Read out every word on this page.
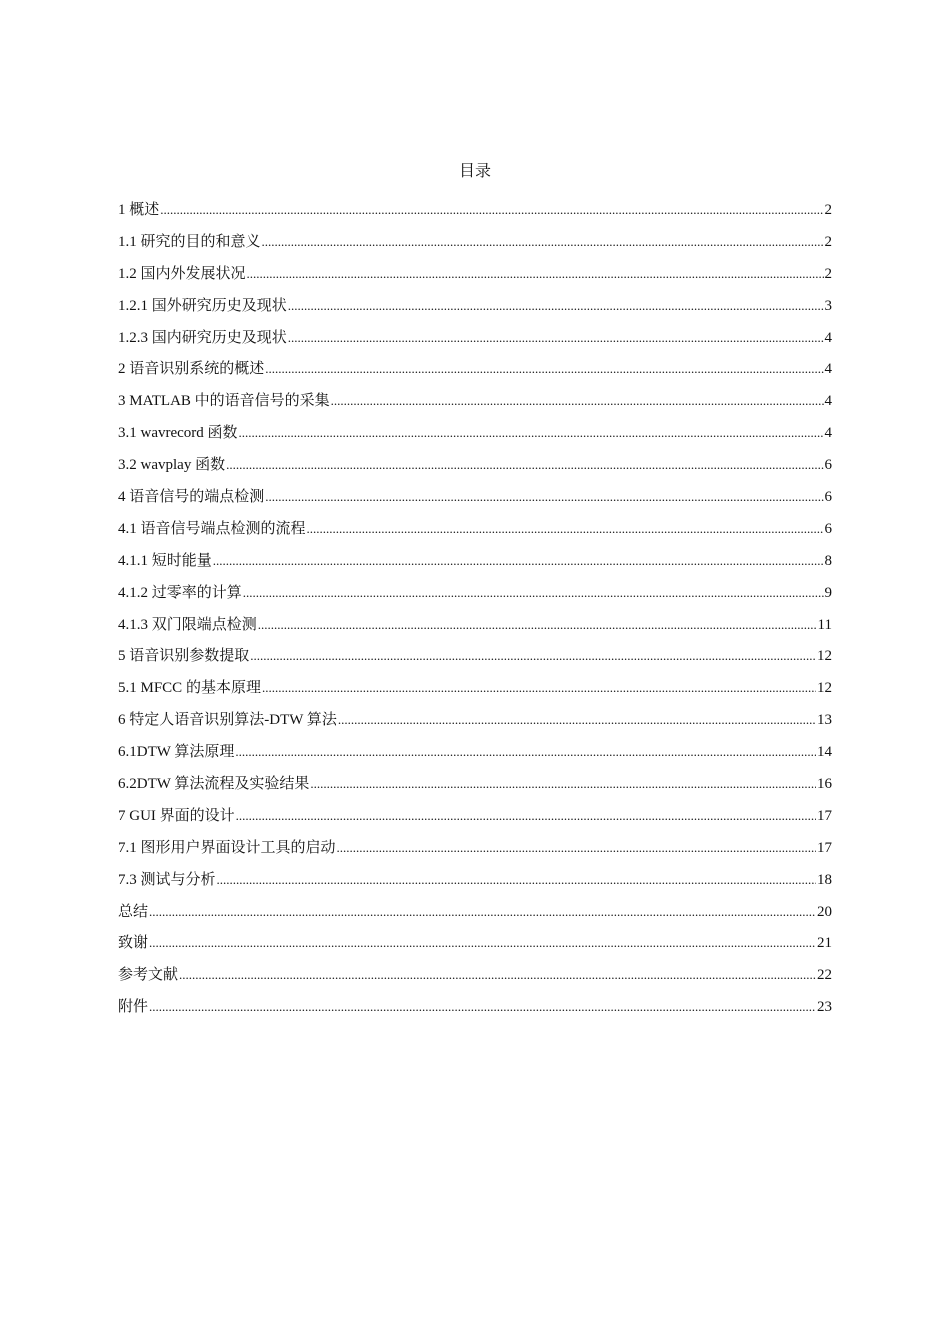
目录
1 概述 .....	2
1.1 研究的目的和意义 .....	2
1.2 国内外发展状况 .....	2
1.2.1 国外研究历史及现状 .....	3
1.2.3 国内研究历史及现状 .....	4
2 语音识别系统的概述 .....	4
3 MATLAB 中的语音信号的采集 .....	4
3.1 wavrecord 函数 .....	4
3.2 wavplay 函数 .....	6
4 语音信号的端点检测 .....	6
4.1 语音信号端点检测的流程 .....	6
4.1.1 短时能量 .....	8
4.1.2 过零率的计算 .....	9
4.1.3 双门限端点检测 .....	11
5 语音识别参数提取 .....	12
5.1 MFCC 的基本原理 .....	12
6 特定人语音识别算法-DTW 算法 .....	13
6.1DTW 算法原理 .....	14
6.2DTW 算法流程及实验结果 .....	16
7 GUI 界面的设计 .....	17
7.1 图形用户界面设计工具的启动 .....	17
7.3 测试与分析 .....	18
总结 .....	20
致谢 .....	21
参考文献 .....	22
附件 .....	23
